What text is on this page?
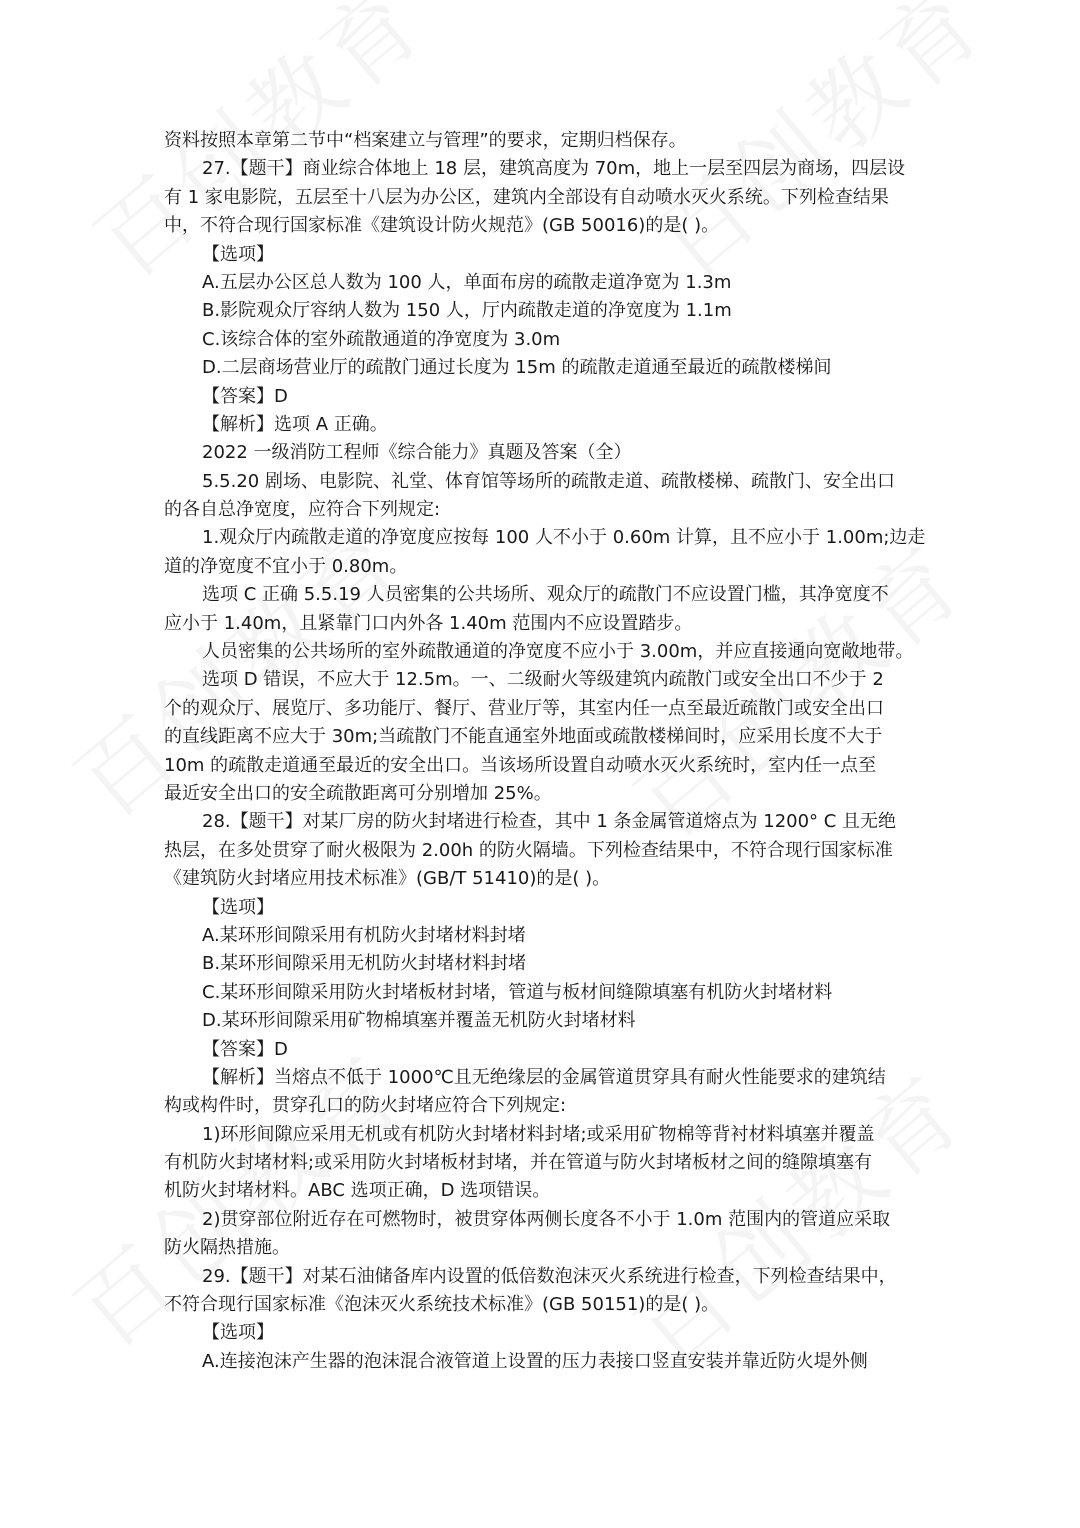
资料按照本章第二节中“档案建立与管理”的要求，定期归档保存。
27.【题干】商业综合体地上 18 层，建筑高度为 70m，地上一层至四层为商场，四层设
有 1 家电影院，五层至十八层为办公区，建筑内全部设有自动喷水灭火系统。下列检查结果
中，不符合现行国家标准《建筑设计防火规范》(GB 50016)的是( )。
【选项】
A.五层办公区总人数为 100 人，单面布房的疏散走道净宽为 1.3m
B.影院观众厅容纳人数为 150 人，厅内疏散走道的净宽度为 1.1m
C.该综合体的室外疏散通道的净宽度为 3.0m
D.二层商场营业厅的疏散门通过长度为 15m 的疏散走道通至最近的疏散楼梯间
【答案】D
【解析】选项 A 正确。
2022 一级消防工程师《综合能力》真题及答案（全）
5.5.20 剧场、电影院、礼堂、体育馆等场所的疏散走道、疏散楼梯、疏散门、安全出口
的各自总净宽度，应符合下列规定:
1.观众厅内疏散走道的净宽度应按每 100 人不小于 0.60m 计算，且不应小于 1.00m;边走
道的净宽度不宜小于 0.80m。
选项 C 正确 5.5.19 人员密集的公共场所、观众厅的疏散门不应设置门槛，其净宽度不
应小于 1.40m，且紧靠门口内外各 1.40m 范围内不应设置踏步。
人员密集的公共场所的室外疏散通道的净宽度不应小于 3.00m，并应直接通向宽敞地带。
选项 D 错误，不应大于 12.5m。一、二级耐火等级建筑内疏散门或安全出口不少于 2
个的观众厅、展览厅、多功能厅、餐厅、营业厅等，其室内任一点至最近疏散门或安全出口
的直线距离不应大于 30m;当疏散门不能直通室外地面或疏散楼梯间时，应采用长度不大于
10m 的疏散走道通至最近的安全出口。当该场所设置自动喷水灭火系统时，室内任一点至
最近安全出口的安全疏散距离可分别增加 25%。
28.【题干】对某厂房的防火封堵进行检查，其中 1 条金属管道熔点为 1200° C 且无绝
热层，在多处贯穿了耐火极限为 2.00h 的防火隔墙。下列检查结果中，不符合现行国家标准
《建筑防火封堵应用技术标准》(GB/T 51410)的是( )。
【选项】
A.某环形间隙采用有机防火封堵材料封堵
B.某环形间隙采用无机防火封堵材料封堵
C.某环形间隙采用防火封堵板材封堵，管道与板材间缝隙填塞有机防火封堵材料
D.某环形间隙采用矿物棉填塞并覆盖无机防火封堵材料
【答案】D
【解析】当熔点不低于 1000℃且无绝缘层的金属管道贯穿具有耐火性能要求的建筑结
构或构件时，贯穿孔口的防火封堵应符合下列规定:
1)环形间隙应采用无机或有机防火封堵材料封堵;或采用矿物棉等背衬材料填塞并覆盖
有机防火封堵材料;或采用防火封堵板材封堵，并在管道与防火封堵板材之间的缝隙填塞有
机防火封堵材料。ABC 选项正确，D 选项错误。
2)贯穿部位附近存在可燃物时，被贯穿体两侧长度各不小于 1.0m 范围内的管道应采取
防火隔热措施。
29.【题干】对某石油储备库内设置的低倍数泡沫灭火系统进行检查，下列检查结果中，
不符合现行国家标准《泡沫灭火系统技术标准》(GB 50151)的是( )。
【选项】
A.连接泡沫产生器的泡沫混合液管道上设置的压力表接口竖直安装并靠近防火堤外侧
